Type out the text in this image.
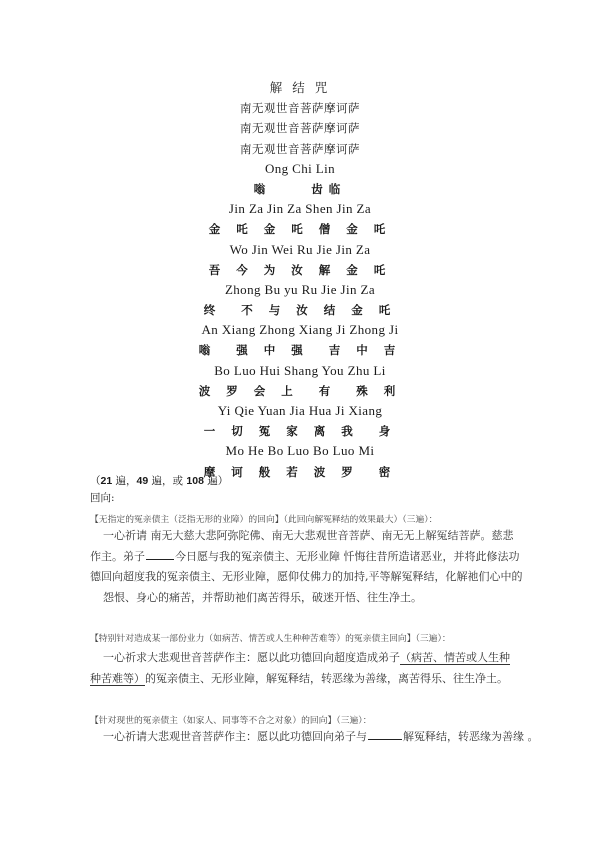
解 结 咒
南无观世音菩萨摩诃萨
南无观世音菩萨摩诃萨
南无观世音菩萨摩诃萨
Ong Chi Lin
嗡    齿临
Jin Za Jin Za Shen Jin Za
金 吒 金 吒 僧 金 吒
Wo Jin Wei Ru Jie Jin Za
吾 今 为 汝 解 金 吒
Zhong Bu yu Ru Jie Jin Za
终  不 与 汝 结 金 吒
An Xiang Zhong Xiang Ji Zhong Ji
嗡  强 中 强  吉 中 吉
Bo Luo Hui Shang You Zhu Li
波 罗 会 上  有  殊 利
Yi Qie Yuan Jia Hua Ji Xiang
一 切 冤 家 离 我  身
Mo He Bo Luo Bo Luo Mi
摩 诃 般 若 波 罗  密
（21 遍，49 遍，或 108 遍）
回向:
【无指定的冤亲债主（泛指无形的业障）的回向】（此回向解冤释结的效果最大）（三遍）：
一心祈请 南无大慈大悲阿弥陀佛、南无大悲观世音菩萨、南无无上解冤结菩萨。慈悲
作主。弟子	今日愿与我的冤亲债主、无形业障 忏悔往昔所造诸恶业，并将此修法功
德回向超度我的冤亲债主、无形业障，愿仰仗佛力的加持,平等解冤释结，化解祂们心中的
怨恨、身心的痛苦，并帮助祂们离苦得乐，破迷开悟、往生净土。
【特别针对造成某一部份业力（如病苦、情苦或人生种种苦难等）的冤亲债主回向】（三遍）：
一心祈求大悲观世音菩萨作主：愿以此功德回向超度造成弟子（病苦、情苦或人生种
种苦难等）的冤亲债主、无形业障，解冤释结，转恶缘为善缘，离苦得乐、往生净土。
【针对现世的冤亲债主（如家人、同事等不合之对象）的回向】（三遍）：
一心祈请大悲观世音菩萨作主：愿以此功德回向弟子与	解冤释结，转恶缘为善缘 。
